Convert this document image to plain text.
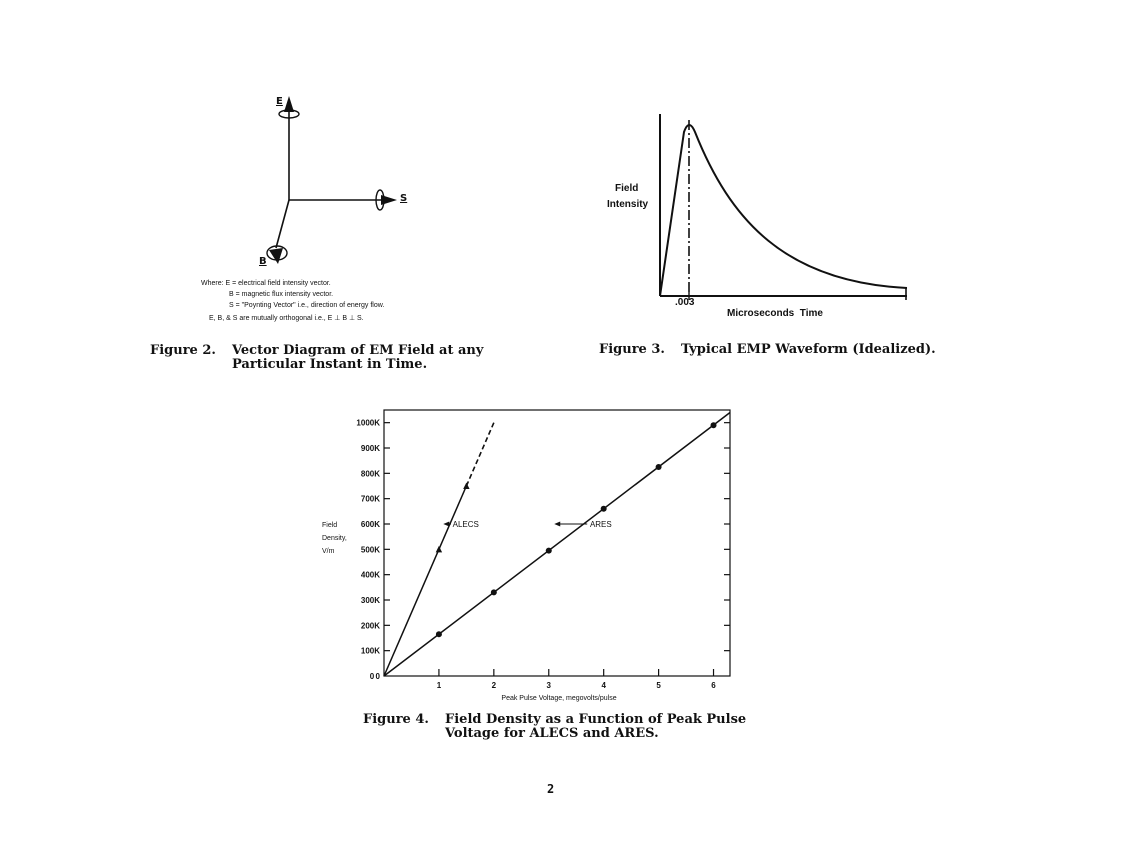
E
S
B
Where: E = electrical field intensity vector.
B = magnetic flux intensity vector.
S = "Poynting Vector" i.e., direction of energy flow.
E, B, & S are mutually orthogonal i.e., E ⊥ B ⊥ S.
Figure 2. Vector Diagram of EM Field at any
Particular Instant in Time.
Field
Intensity
.003
Microseconds  Time
Figure 3. Typical EMP Waveform (Idealized).
0
100K
200K
300K
400K
500K
600K
700K
800K
900K
1000K
0
1	2	3	4	5	6
ALECS	ARES
Field
Density,
V/m
Peak Pulse Voltage, megovolts/pulse
Figure 4. Field Density as a Function of Peak Pulse
Voltage for ALECS and ARES.
2
